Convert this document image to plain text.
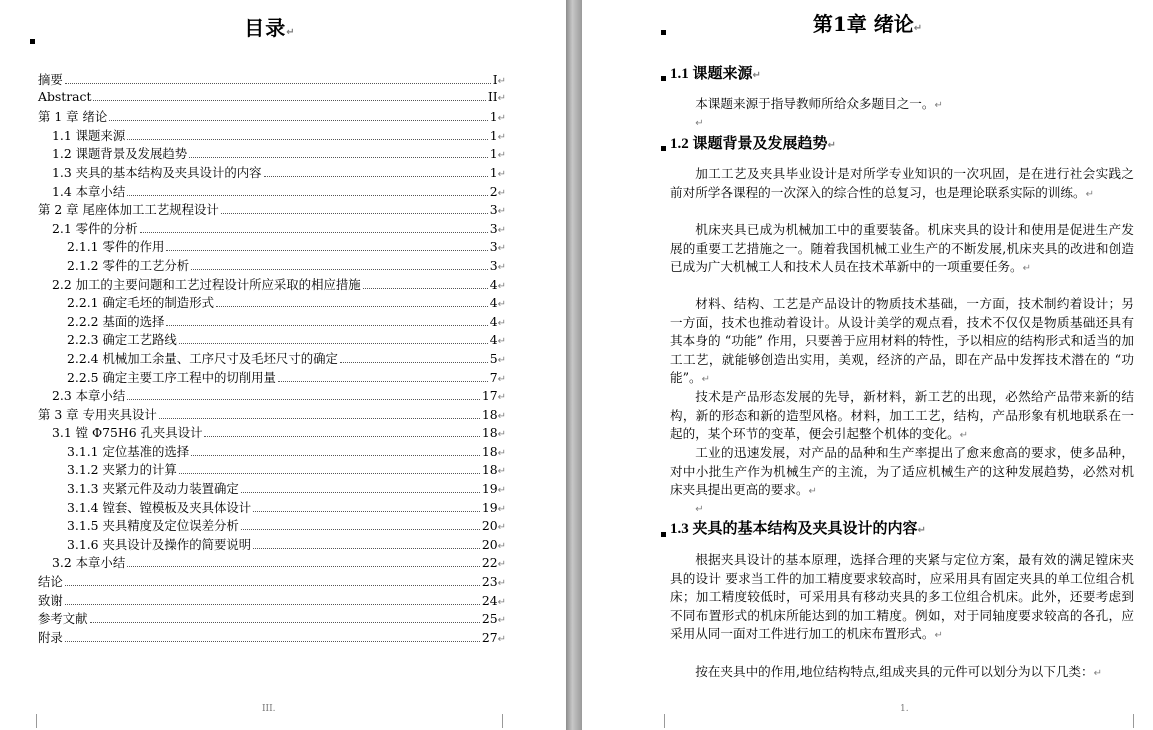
目录↵
摘要	I ↵
Abstract	II ↵
第 1 章 绪论	1 ↵
1.1 课题来源	1 ↵
1.2 课题背景及发展趋势	1 ↵
1.3 夹具的基本结构及夹具设计的内容	1 ↵
1.4 本章小结	2 ↵
第 2 章 尾座体加工工艺规程设计	3 ↵
2.1 零件的分析	3 ↵
2.1.1 零件的作用	3 ↵
2.1.2 零件的工艺分析	3 ↵
2.2 加工的主要问题和工艺过程设计所应采取的相应措施	4 ↵
2.2.1 确定毛坯的制造形式	4 ↵
2.2.2 基面的选择	4 ↵
2.2.3 确定工艺路线	4 ↵
2.2.4 机械加工余量、工序尺寸及毛坯尺寸的确定	5 ↵
2.2.5 确定主要工序工程中的切削用量	7 ↵
2.3 本章小结	17 ↵
第 3 章 专用夹具设计	18 ↵
3.1 镗 Φ75H6 孔夹具设计	18 ↵
3.1.1 定位基准的选择	18 ↵
3.1.2 夹紧力的计算	18 ↵
3.1.3 夹紧元件及动力装置确定	19 ↵
3.1.4 镗套、镗模板及夹具体设计	19 ↵
3.1.5 夹具精度及定位误差分析	20 ↵
3.1.6 夹具设计及操作的简要说明	20 ↵
3.2 本章小结	22 ↵
结论	23 ↵
致谢	24 ↵
参考文献	25 ↵
附录	27 ↵
III.
第1章 绪论↵
1.1 课题来源↵
本课题来源于指导教师所给众多题目之一。↵
↵
1.2 课题背景及发展趋势↵
加工工艺及夹具毕业设计是对所学专业知识的一次巩固，是在进行社会实践之前对所学各课程的一次深入的综合性的总复习，也是理论联系实际的训练。↵
机床夹具已成为机械加工中的重要装备。机床夹具的设计和使用是促进生产发展的重要工艺措施之一。随着我国机械工业生产的不断发展,机床夹具的改进和创造已成为广大机械工人和技术人员在技术革新中的一项重要任务。↵
材料、结构、工艺是产品设计的物质技术基础，一方面，技术制约着设计；另一方面，技术也推动着设计。从设计美学的观点看，技术不仅仅是物质基础还具有其本身的 “功能” 作用，只要善于应用材料的特性，予以相应的结构形式和适当的加工工艺，就能够创造出实用，美观，经济的产品，即在产品中发挥技术潜在的 “功能”。↵
技术是产品形态发展的先导，新材料，新工艺的出现，必然给产品带来新的结构，新的形态和新的造型风格。材料，加工工艺，结构，产品形象有机地联系在一起的，某个环节的变革，便会引起整个机体的变化。↵
工业的迅速发展，对产品的品种和生产率提出了愈来愈高的要求，使多品种，对中小批生产作为机械生产的主流，为了适应机械生产的这种发展趋势，必然对机床夹具提出更高的要求。↵
↵
1.3 夹具的基本结构及夹具设计的内容↵
根据夹具设计的基本原理，选择合理的夹紧与定位方案，最有效的满足镗床夹具的设计 要求当工件的加工精度要求较高时，应采用具有固定夹具的单工位组合机床；加工精度较低时，可采用具有移动夹具的多工位组合机床。此外，还要考虑到不同布置形式的机床所能达到的加工精度。例如，对于同轴度要求较高的各孔，应采用从同一面对工件进行加工的机床布置形式。↵
按在夹具中的作用,地位结构特点,组成夹具的元件可以划分为以下几类：↵
1.
